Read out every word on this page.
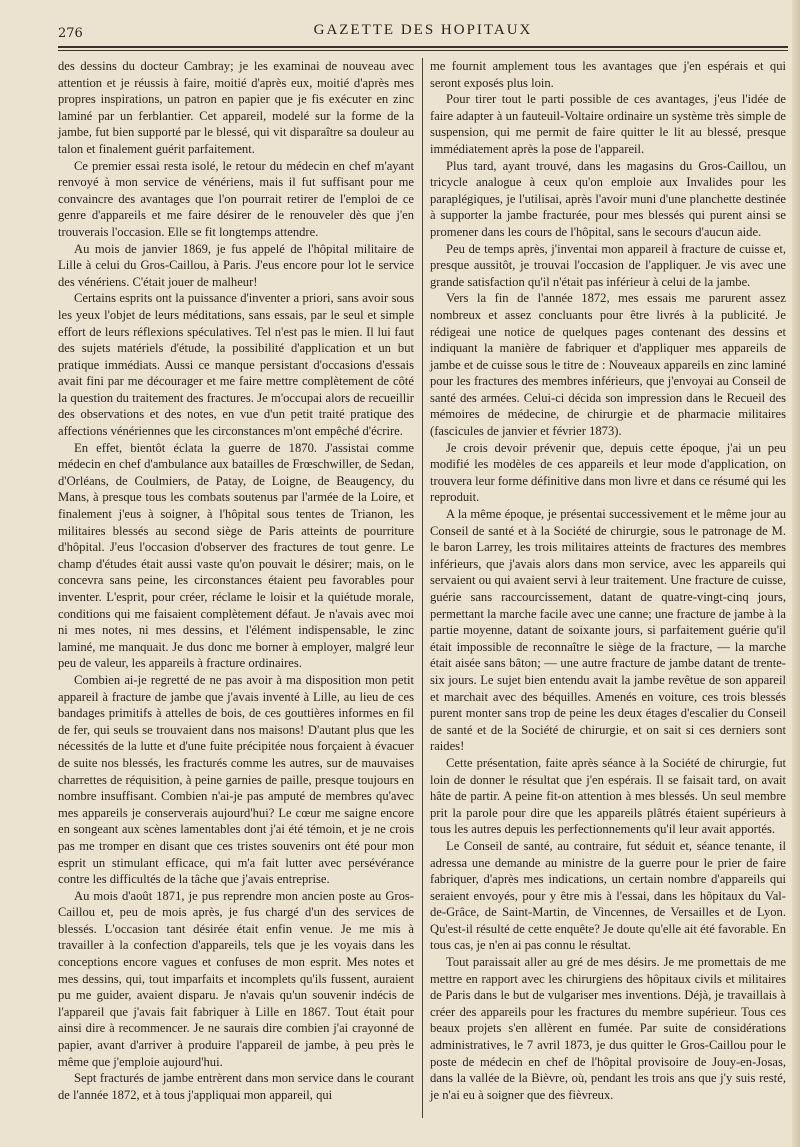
276	GAZETTE DES HOPITAUX

des dessins du docteur Cambray; je les examinai de nouveau avec attention et je réussis à faire, moitié d'après eux, moitié d'après mes propres inspirations, un patron en papier que je fis exécuter en zinc laminé par un ferblantier. Cet appareil, modelé sur la forme de la jambe, fut bien supporté par le blessé, qui vit disparaître sa douleur au talon et finalement guérit parfaitement.

Ce premier essai resta isolé, le retour du médecin en chef m'ayant renvoyé à mon service de vénériens, mais il fut suffisant pour me convaincre des avantages que l'on pourrait retirer de l'emploi de ce genre d'appareils et me faire désirer de le renouveler dès que j'en trouverais l'occasion. Elle se fit longtemps attendre.

Au mois de janvier 1869, je fus appelé de l'hôpital militaire de Lille à celui du Gros-Caillou, à Paris. J'eus encore pour lot le service des vénériens. C'était jouer de malheur!

Certains esprits ont la puissance d'inventer a priori, sans avoir sous les yeux l'objet de leurs méditations, sans essais, par le seul et simple effort de leurs réflexions spéculatives. Tel n'est pas le mien. Il lui faut des sujets matériels d'étude, la possibilité d'application et un but pratique immédiats. Aussi ce manque persistant d'occasions d'essais avait fini par me décourager et me faire mettre complètement de côté la question du traitement des fractures. Je m'occupai alors de recueillir des observations et des notes, en vue d'un petit traité pratique des affections vénériennes que les circonstances m'ont empêché d'écrire.

En effet, bientôt éclata la guerre de 1870. J'assistai comme médecin en chef d'ambulance aux batailles de Frœschwiller, de Sedan, d'Orléans, de Coulmiers, de Patay, de Loigne, de Beaugency, du Mans, à presque tous les combats soutenus par l'armée de la Loire, et finalement j'eus à soigner, à l'hôpital sous tentes de Trianon, les militaires blessés au second siège de Paris atteints de pourriture d'hôpital. J'eus l'occasion d'observer des fractures de tout genre. Le champ d'études était aussi vaste qu'on pouvait le désirer; mais, on le concevra sans peine, les circonstances étaient peu favorables pour inventer. L'esprit, pour créer, réclame le loisir et la quiétude morale, conditions qui me faisaient complètement défaut. Je n'avais avec moi ni mes notes, ni mes dessins, et l'élément indispensable, le zinc laminé, me manquait. Je dus donc me borner à employer, malgré leur peu de valeur, les appareils à fracture ordinaires.

Combien ai-je regretté de ne pas avoir à ma disposition mon petit appareil à fracture de jambe que j'avais inventé à Lille, au lieu de ces bandages primitifs à attelles de bois, de ces gouttières informes en fil de fer, qui seuls se trouvaient dans nos maisons! D'autant plus que les nécessités de la lutte et d'une fuite précipitée nous forçaient à évacuer de suite nos blessés, les fracturés comme les autres, sur de mauvaises charrettes de réquisition, à peine garnies de paille, presque toujours en nombre insuffisant. Combien n'ai-je pas amputé de membres qu'avec mes appareils je conserverais aujourd'hui? Le cœur me saigne encore en songeant aux scènes lamentables dont j'ai été témoin, et je ne crois pas me tromper en disant que ces tristes souvenirs ont été pour mon esprit un stimulant efficace, qui m'a fait lutter avec persévérance contre les difficultés de la tâche que j'avais entreprise.

Au mois d'août 1871, je pus reprendre mon ancien poste au Gros-Caillou et, peu de mois après, je fus chargé d'un des services de blessés. L'occasion tant désirée était enfin venue. Je me mis à travailler à la confection d'appareils, tels que je les voyais dans les conceptions encore vagues et confuses de mon esprit. Mes notes et mes dessins, qui, tout imparfaits et incomplets qu'ils fussent, auraient pu me guider, avaient disparu. Je n'avais qu'un souvenir indécis de l'appareil que j'avais fait fabriquer à Lille en 1867. Tout était pour ainsi dire à recommencer. Je ne saurais dire combien j'ai crayonné de papier, avant d'arriver à produire l'appareil de jambe, à peu près le même que j'emploie aujourd'hui.

Sept fracturés de jambe entrèrent dans mon service dans le courant de l'année 1872, et à tous j'appliquai mon appareil, qui

me fournit amplement tous les avantages que j'en espérais et qui seront exposés plus loin.

Pour tirer tout le parti possible de ces avantages, j'eus l'idée de faire adapter à un fauteuil-Voltaire ordinaire un système très simple de suspension, qui me permit de faire quitter le lit au blessé, presque immédiatement après la pose de l'appareil.

Plus tard, ayant trouvé, dans les magasins du Gros-Caillou, un tricycle analogue à ceux qu'on emploie aux Invalides pour les paraplégiques, je l'utilisai, après l'avoir muni d'une planchette destinée à supporter la jambe fracturée, pour mes blessés qui purent ainsi se promener dans les cours de l'hôpital, sans le secours d'aucun aide.

Peu de temps après, j'inventai mon appareil à fracture de cuisse et, presque aussitôt, je trouvai l'occasion de l'appliquer. Je vis avec une grande satisfaction qu'il n'était pas inférieur à celui de la jambe.

Vers la fin de l'année 1872, mes essais me parurent assez nombreux et assez concluants pour être livrés à la publicité. Je rédigeai une notice de quelques pages contenant des dessins et indiquant la manière de fabriquer et d'appliquer mes appareils de jambe et de cuisse sous le titre de : Nouveaux appareils en zinc laminé pour les fractures des membres inférieurs, que j'envoyai au Conseil de santé des armées. Celui-ci décida son impression dans le Recueil des mémoires de médecine, de chirurgie et de pharmacie militaires (fascicules de janvier et février 1873).

Je crois devoir prévenir que, depuis cette époque, j'ai un peu modifié les modèles de ces appareils et leur mode d'application, on trouvera leur forme définitive dans mon livre et dans ce résumé qui les reproduit.

A la même époque, je présentai successivement et le même jour au Conseil de santé et à la Société de chirurgie, sous le patronage de M. le baron Larrey, les trois militaires atteints de fractures des membres inférieurs, que j'avais alors dans mon service, avec les appareils qui servaient ou qui avaient servi à leur traitement. Une fracture de cuisse, guérie sans raccourcissement, datant de quatre-vingt-cinq jours, permettant la marche facile avec une canne; une fracture de jambe à la partie moyenne, datant de soixante jours, si parfaitement guérie qu'il était impossible de reconnaître le siège de la fracture, — la marche était aisée sans bâton; — une autre fracture de jambe datant de trente-six jours. Le sujet bien entendu avait la jambe revêtue de son appareil et marchait avec des béquilles. Amenés en voiture, ces trois blessés purent monter sans trop de peine les deux étages d'escalier du Conseil de santé et de la Société de chirurgie, et on sait si ces derniers sont raides!

Cette présentation, faite après séance à la Société de chirurgie, fut loin de donner le résultat que j'en espérais. Il se faisait tard, on avait hâte de partir. A peine fit-on attention à mes blessés. Un seul membre prit la parole pour dire que les appareils plâtrés étaient supérieurs à tous les autres depuis les perfectionnements qu'il leur avait apportés.

Le Conseil de santé, au contraire, fut séduit et, séance tenante, il adressa une demande au ministre de la guerre pour le prier de faire fabriquer, d'après mes indications, un certain nombre d'appareils qui seraient envoyés, pour y être mis à l'essai, dans les hôpitaux du Val-de-Grâce, de Saint-Martin, de Vincennes, de Versailles et de Lyon. Qu'est-il résulté de cette enquête? Je doute qu'elle ait été favorable. En tous cas, je n'en ai pas connu le résultat.

Tout paraissait aller au gré de mes désirs. Je me promettais de me mettre en rapport avec les chirurgiens des hôpitaux civils et militaires de Paris dans le but de vulgariser mes inventions. Déjà, je travaillais à créer des appareils pour les fractures du membre supérieur. Tous ces beaux projets s'en allèrent en fumée. Par suite de considérations administratives, le 7 avril 1873, je dus quitter le Gros-Caillou pour le poste de médecin en chef de l'hôpital provisoire de Jouy-en-Josas, dans la vallée de la Bièvre, où, pendant les trois ans que j'y suis resté, je n'ai eu à soigner que des fièvreux.
